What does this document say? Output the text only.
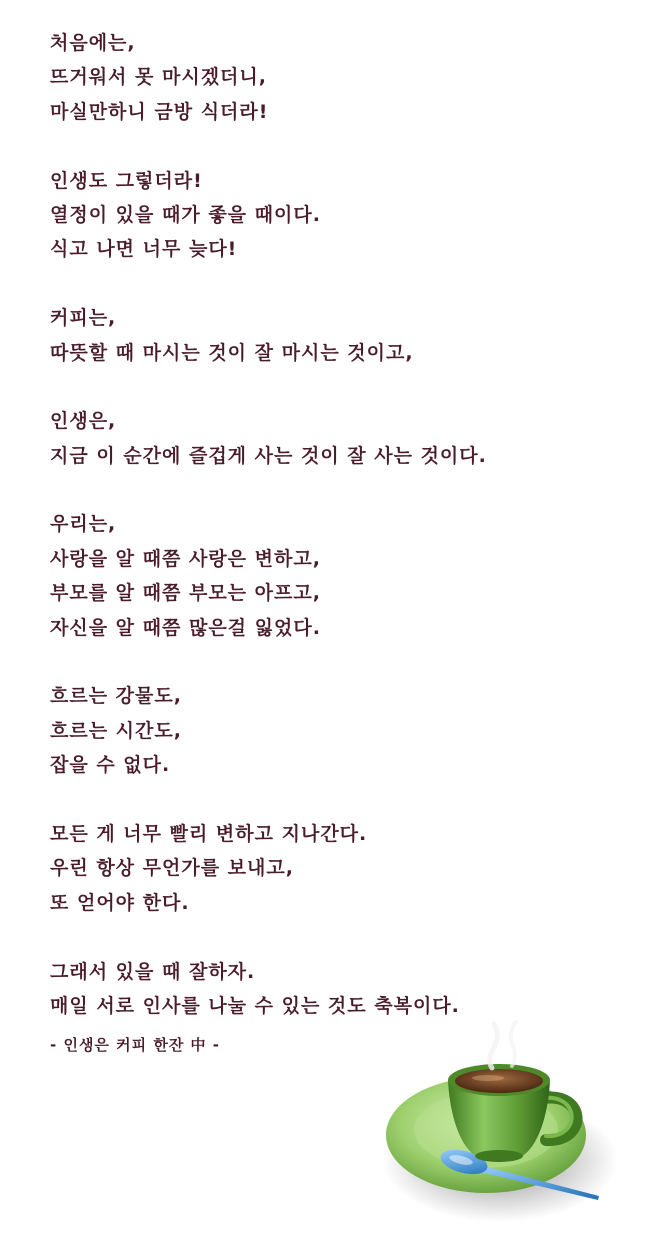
처음에는,
뜨거워서 못 마시겠더니,
마실만하니 금방 식더라!
인생도 그렇더라!
열정이 있을 때가 좋을 때이다.
식고 나면 너무 늦다!
커피는,
따뜻할 때 마시는 것이 잘 마시는 것이고,
인생은,
지금 이 순간에 즐겁게 사는 것이 잘 사는 것이다.
우리는,
사랑을 알 때쯤 사랑은 변하고,
부모를 알 때쯤 부모는 아프고,
자신을 알 때쯤 많은걸 잃었다.
흐르는 강물도,
흐르는 시간도,
잡을 수 없다.
모든 게 너무 빨리 변하고 지나간다.
우린 항상 무언가를 보내고,
또 얻어야 한다.
그래서 있을 때 잘하자.
매일 서로 인사를 나눌 수 있는 것도 축복이다.
- 인생은 커피 한잔 中 -
